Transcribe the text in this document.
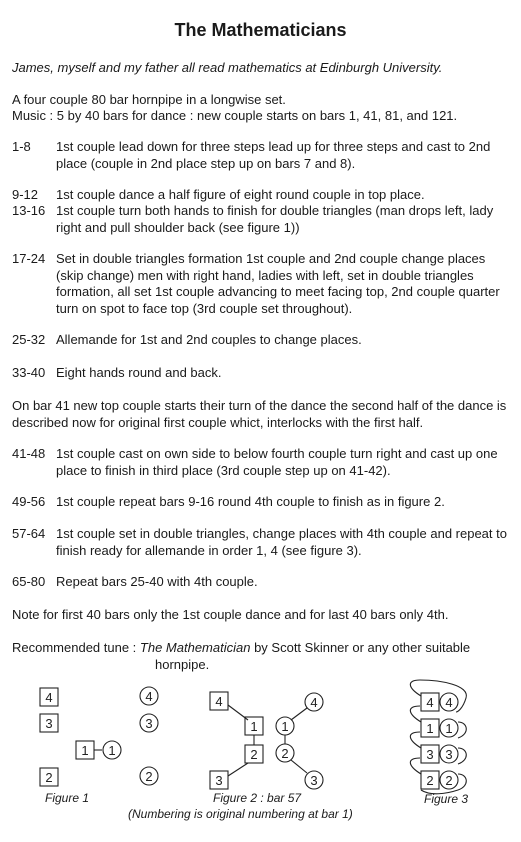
The Mathematicians
James, myself and my father all read mathematics at Edinburgh University.
A four couple 80 bar hornpipe in a longwise set.
Music : 5 by 40 bars for dance : new couple starts on bars 1, 41, 81, and 121.
1-8	1st couple lead down for three steps lead up for three steps and cast to 2nd place (couple in 2nd place step up on bars 7 and 8).
9-12	1st couple dance a half figure of eight round couple in top place.
13-16 1st couple turn both hands to finish for double triangles (man drops left, lady right and pull shoulder back (see figure 1))
17-24 Set in double triangles formation 1st couple and 2nd couple change places (skip change) men with right hand, ladies with left, set in double triangles formation, all set 1st couple advancing to meet facing top, 2nd couple quarter turn on spot to face top (3rd couple set throughout).
25-32 Allemande for 1st and 2nd couples to change places.
33-40 Eight hands round and back.
On bar 41 new top couple starts their turn of the dance the second half of the dance is described now for original first couple whict, interlocks with the first half.
41-48 1st couple cast on own side to below fourth couple turn right and cast up one place to finish in third place (3rd couple step up on 41-42).
49-56 1st couple repeat bars 9-16 round 4th couple to finish as in figure 2.
57-64 1st couple set in double triangles, change places with 4th couple and repeat to finish ready for allemande in order 1, 4 (see figure 3).
65-80 Repeat bars 25-40 with 4th couple.
Note for first 40 bars only the 1st couple dance and for last 40 bars only 4th.
Recommended tune : The Mathematician by Scott Skinner or any other suitable
hornpipe.
4
3
1 1
4
3
2	2
4
1
2
3
4
1
2
3
4 4
1 1
3 3
2 2
Figure 1	Figure 2 : bar 57	Figure 3
(Numbering is original numbering at bar 1)
